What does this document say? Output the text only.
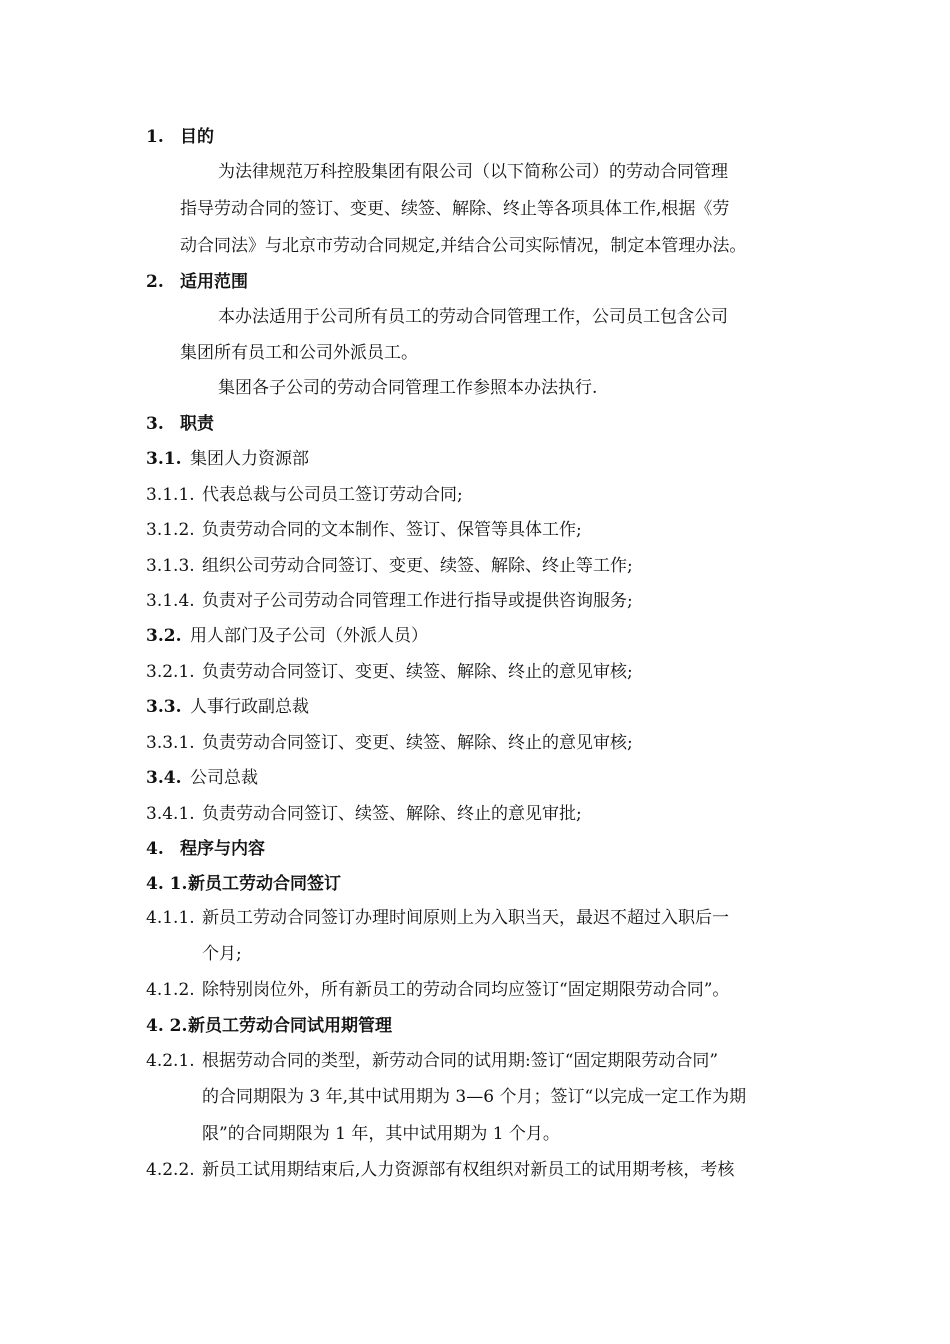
1. 目的
为法律规范万科控股集团有限公司（以下简称公司）的劳动合同管理
指导劳动合同的签订、变更、续签、解除、终止等各项具体工作,根据《劳
动合同法》与北京市劳动合同规定,并结合公司实际情况，制定本管理办法。
2. 适用范围
本办法适用于公司所有员工的劳动合同管理工作，公司员工包含公司
集团所有员工和公司外派员工。
集团各子公司的劳动合同管理工作参照本办法执行.
3. 职责
3.1. 集团人力资源部
3.1.1. 代表总裁与公司员工签订劳动合同;
3.1.2. 负责劳动合同的文本制作、签订、保管等具体工作;
3.1.3. 组织公司劳动合同签订、变更、续签、解除、终止等工作;
3.1.4. 负责对子公司劳动合同管理工作进行指导或提供咨询服务;
3.2. 用人部门及子公司（外派人员）
3.2.1. 负责劳动合同签订、变更、续签、解除、终止的意见审核;
3.3. 人事行政副总裁
3.3.1. 负责劳动合同签订、变更、续签、解除、终止的意见审核;
3.4. 公司总裁
3.4.1. 负责劳动合同签订、续签、解除、终止的意见审批;
4. 程序与内容
4. 1.新员工劳动合同签订
4.1.1. 新员工劳动合同签订办理时间原则上为入职当天，最迟不超过入职后一
个月;
4.1.2. 除特别岗位外，所有新员工的劳动合同均应签订“固定期限劳动合同”。
4. 2.新员工劳动合同试用期管理
4.2.1. 根据劳动合同的类型，新劳动合同的试用期:签订“固定期限劳动合同”
的合同期限为 3 年,其中试用期为 3—6 个月；签订“以完成一定工作为期
限”的合同期限为 1 年，其中试用期为 1 个月。
4.2.2. 新员工试用期结束后,人力资源部有权组织对新员工的试用期考核，考核
